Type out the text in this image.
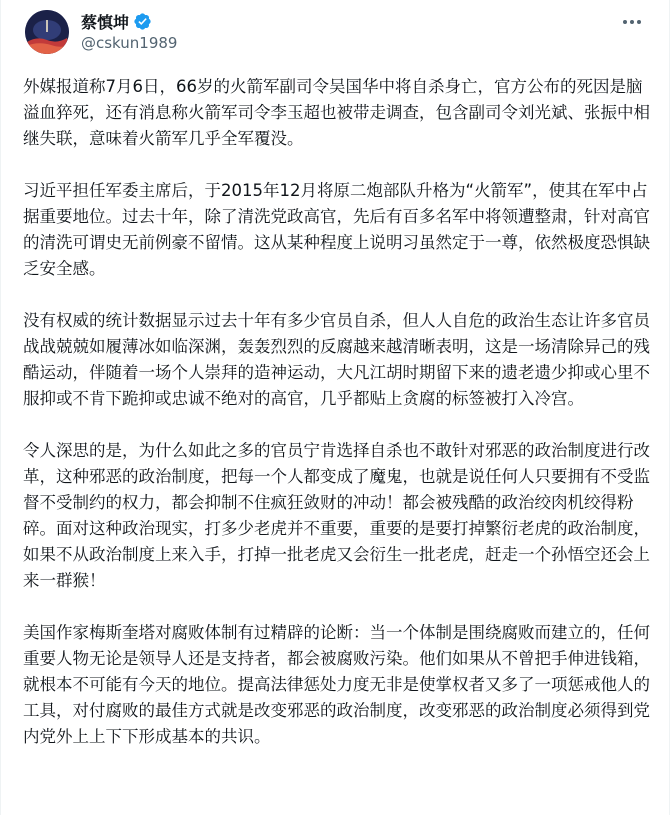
蔡慎坤
@cskun1989

外媒报道称7月6日，66岁的火箭军副司令吴国华中将自杀身亡，官方公布的死因是脑溢血猝死，还有消息称火箭军司令李玉超也被带走调查，包含副司令刘光斌、张振中相继失联，意味着火箭军几乎全军覆没。

习近平担任军委主席后，于2015年12月将原二炮部队升格为“火箭军”，使其在军中占据重要地位。过去十年，除了清洗党政高官，先后有百多名军中将领遭整肃，针对高官的清洗可谓史无前例豪不留情。这从某种程度上说明习虽然定于一尊，依然极度恐惧缺乏安全感。

没有权威的统计数据显示过去十年有多少官员自杀，但人人自危的政治生态让许多官员战战兢兢如履薄冰如临深渊，轰轰烈烈的反腐越来越清晰表明，这是一场清除异己的残酷运动，伴随着一场个人崇拜的造神运动，大凡江胡时期留下来的遗老遗少抑或心里不服抑或不肯下跪抑或忠诚不绝对的高官，几乎都贴上贪腐的标签被打入冷宫。

令人深思的是，为什么如此之多的官员宁肯选择自杀也不敢针对邪恶的政治制度进行改革，这种邪恶的政治制度，把每一个人都变成了魔鬼，也就是说任何人只要拥有不受监督不受制约的权力，都会抑制不住疯狂敛财的冲动！都会被残酷的政治绞肉机绞得粉碎。面对这种政治现实，打多少老虎并不重要，重要的是要打掉繁衍老虎的政治制度，如果不从政治制度上来入手，打掉一批老虎又会衍生一批老虎，赶走一个孙悟空还会上来一群猴！

美国作家梅斯奎塔对腐败体制有过精辟的论断：当一个体制是围绕腐败而建立的，任何重要人物无论是领导人还是支持者，都会被腐败污染。他们如果从不曾把手伸进钱箱，就根本不可能有今天的地位。提高法律惩处力度无非是使掌权者又多了一项惩戒他人的工具，对付腐败的最佳方式就是改变邪恶的政治制度，改变邪恶的政治制度必须得到党内党外上上下下形成基本的共识。
